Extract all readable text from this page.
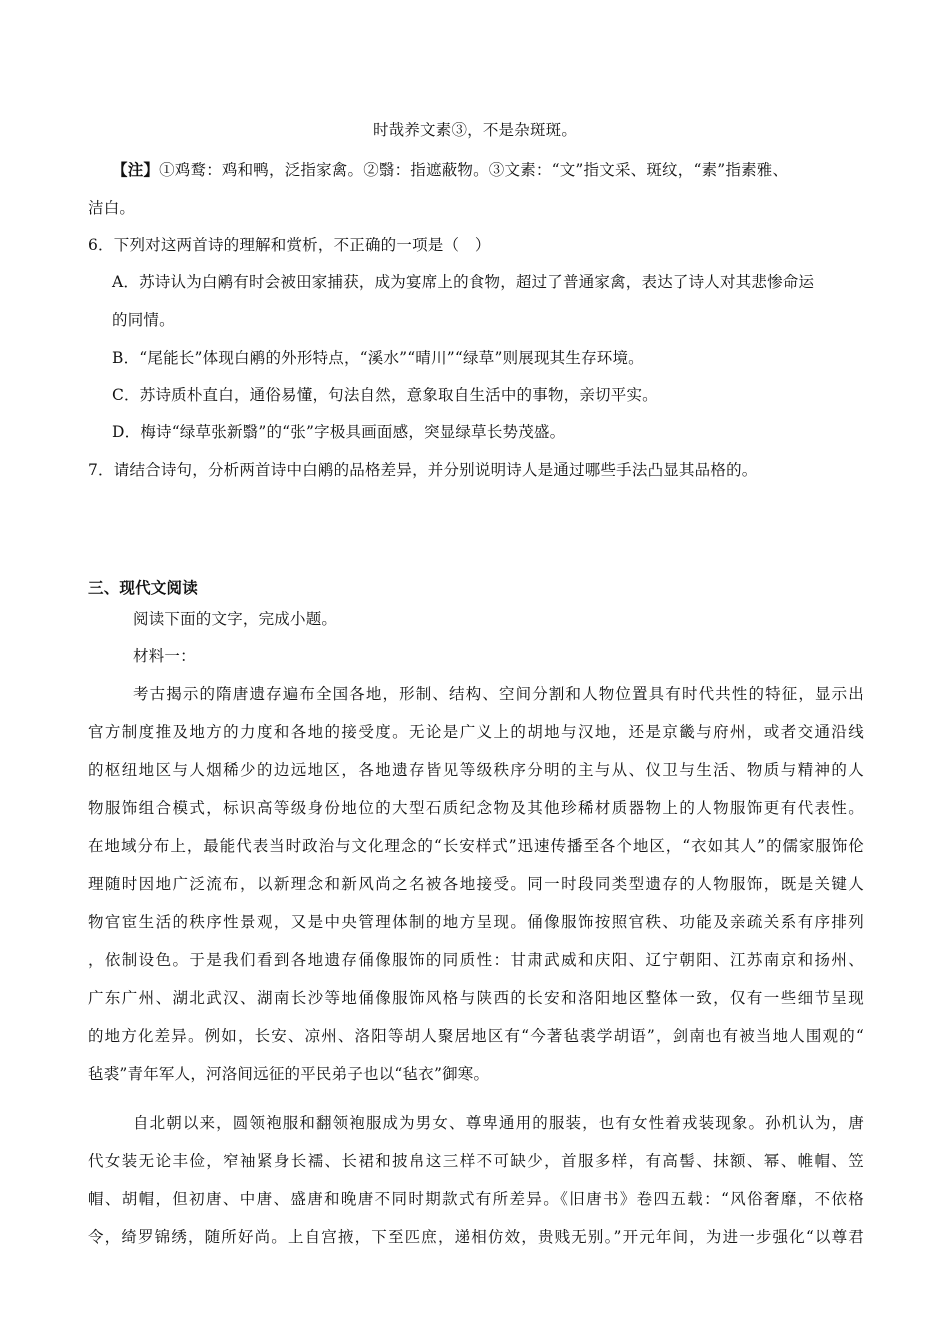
时哉养文素③，不是杂斑斑。
【注】①鸡鹜：鸡和鸭，泛指家禽。②翳：指遮蔽物。③文素：“文”指文采、斑纹，“素”指素雅、
洁白。
6．下列对这两首诗的理解和赏析，不正确的一项是（　）
A．苏诗认为白鹇有时会被田家捕获，成为宴席上的食物，超过了普通家禽，表达了诗人对其悲惨命运
的同情。
B．“尾能长”体现白鹇的外形特点，“溪水”“晴川”“绿草”则展现其生存环境。
C．苏诗质朴直白，通俗易懂，句法自然，意象取自生活中的事物，亲切平实。
D．梅诗“绿草张新翳”的“张”字极具画面感，突显绿草长势茂盛。
7．请结合诗句，分析两首诗中白鹇的品格差异，并分别说明诗人是通过哪些手法凸显其品格的。
三、现代文阅读
阅读下面的文字，完成小题。
材料一：
考古揭示的隋唐遗存遍布全国各地，形制、结构、空间分割和人物位置具有时代共性的特征，显示出
官方制度推及地方的力度和各地的接受度。无论是广义上的胡地与汉地，还是京畿与府州，或者交通沿线
的枢纽地区与人烟稀少的边远地区，各地遗存皆见等级秩序分明的主与从、仪卫与生活、物质与精神的人
物服饰组合模式，标识高等级身份地位的大型石质纪念物及其他珍稀材质器物上的人物服饰更有代表性。
在地域分布上，最能代表当时政治与文化理念的“长安样式”迅速传播至各个地区，“衣如其人”的儒家服饰伦
理随时因地广泛流布，以新理念和新风尚之名被各地接受。同一时段同类型遗存的人物服饰，既是关键人
物官宦生活的秩序性景观，又是中央管理体制的地方呈现。俑像服饰按照官秩、功能及亲疏关系有序排列
，依制设色。于是我们看到各地遗存俑像服饰的同质性：甘肃武威和庆阳、辽宁朝阳、江苏南京和扬州、
广东广州、湖北武汉、湖南长沙等地俑像服饰风格与陕西的长安和洛阳地区整体一致，仅有一些细节呈现
的地方化差异。例如，长安、凉州、洛阳等胡人聚居地区有“今著毡裘学胡语”，剑南也有被当地人围观的“
毡裘”青年军人，河洛间远征的平民弟子也以“毡衣”御寒。
自北朝以来，圆领袍服和翻领袍服成为男女、尊卑通用的服装，也有女性着戎装现象。孙机认为，唐
代女装无论丰俭，窄袖紧身长襦、长裙和披帛这三样不可缺少，首服多样，有高髻、抹额、幂、帷帽、笠
帽、胡帽，但初唐、中唐、盛唐和晚唐不同时期款式有所差异。《旧唐书》卷四五载：“风俗奢靡，不依格
令，绮罗锦绣，随所好尚。上自宫掖，下至匹庶，递相仿效，贵贱无别。”开元年间，为进一步强化“以尊君
